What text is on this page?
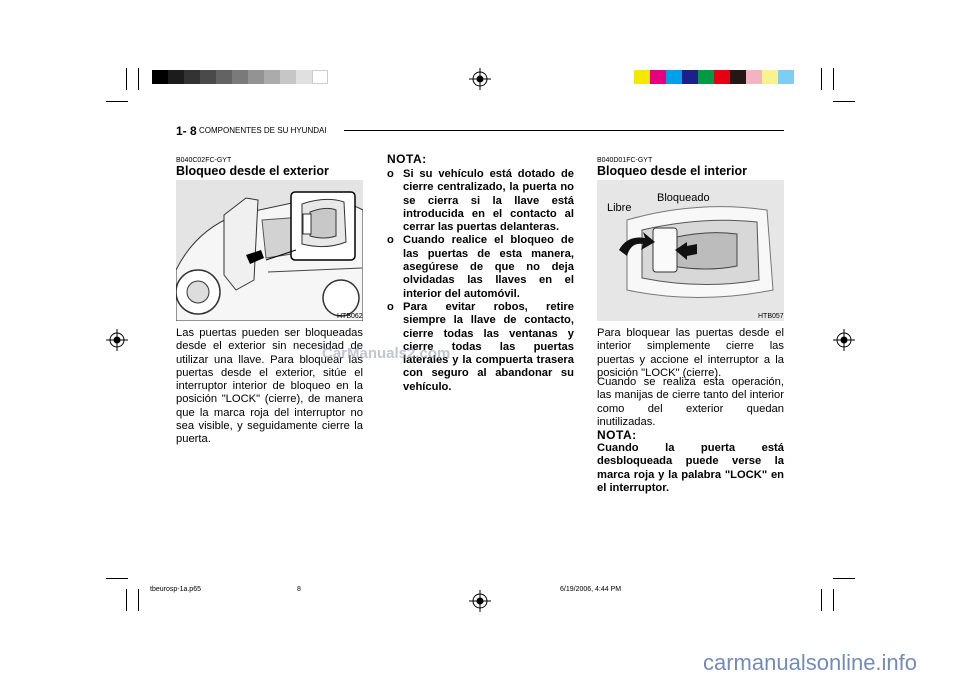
1- 8 COMPONENTES DE SU HYUNDAI
B040C02FC-GYT
Bloqueo desde el exterior
HTB062
Las puertas pueden ser bloqueadas desde el exterior sin necesidad de utilizar una llave. Para bloquear las puertas desde el exterior, sitúe el interruptor interior de bloqueo en la posición "LOCK" (cierre), de manera que la marca roja del interruptor no sea visible, y seguidamente cierre la puerta.
NOTA:
o Si su vehículo está dotado de cierre centralizado, la puerta no se cierra si la llave está introducida en el contacto al cerrar las puertas delanteras.
o Cuando realice el bloqueo de las puertas de esta manera, asegúrese de que no deja olvidadas las llaves en el interior del automóvil.
o Para evitar robos, retire siempre la llave de contacto, cierre todas las ventanas y cierre todas las puertas laterales y la compuerta trasera con seguro al abandonar su vehículo.
B040D01FC-GYT
Bloqueo desde el interior
Libre
Bloqueado
HTB057
Para bloquear las puertas desde el interior simplemente cierre las puertas y accione el interruptor a la posición "LOCK" (cierre).
Cuando se realiza esta operación, las manijas de cierre tanto del interior como del exterior quedan inutilizadas.
NOTA:
Cuando la puerta está desbloqueada puede verse la marca roja y la palabra "LOCK" en el interruptor.
tbeurosp-1a.p65	8	6/19/2006, 4:44 PM
CarManuals2.com
carmanualsonline.info
